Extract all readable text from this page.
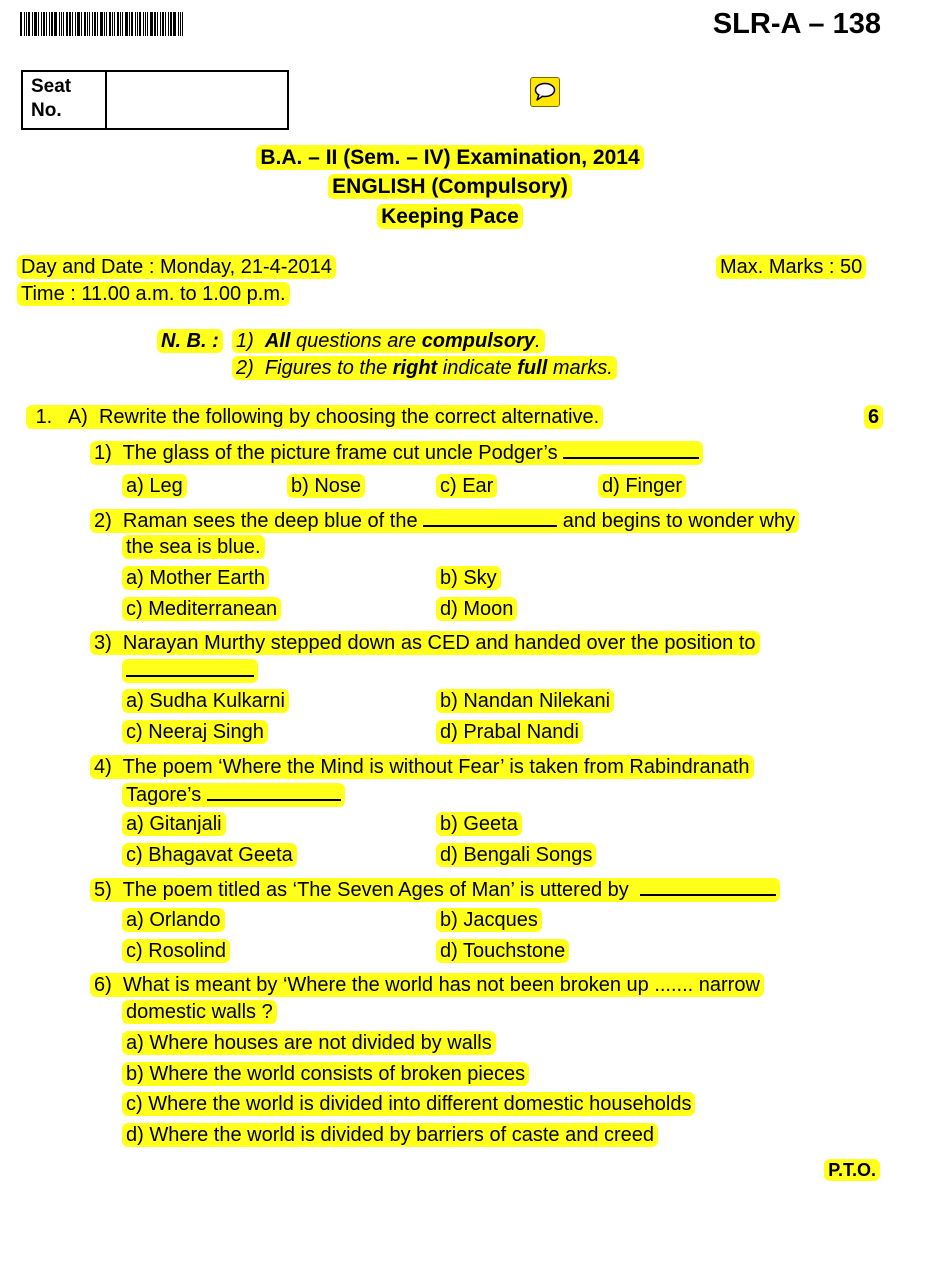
SLR-A – 138
Seat
No.
B.A. – II (Sem. – IV) Examination, 2014
ENGLISH (Compulsory)
Keeping Pace
Day and Date : Monday, 21-4-2014	Max. Marks : 50
Time : 11.00 a.m. to 1.00 p.m.
N. B. : 1) All questions are compulsory.
2) Figures to the right indicate full marks.
1. A) Rewrite the following by choosing the correct alternative.	6
1) The glass of the picture frame cut uncle Podger’s
a) Leg	b) Nose	c) Ear	d) Finger
2) Raman sees the deep blue of the	and begins to wonder why
the sea is blue.
a) Mother Earth	b) Sky
c) Mediterranean	d) Moon
3) Narayan Murthy stepped down as CED and handed over the position to
a) Sudha Kulkarni	b) Nandan Nilekani
c) Neeraj Singh	d) Prabal Nandi
4) The poem ‘Where the Mind is without Fear’ is taken from Rabindranath
Tagore’s
a) Gitanjali	b) Geeta
c) Bhagavat Geeta	d) Bengali Songs
5) The poem titled as ‘The Seven Ages of Man’ is uttered by
a) Orlando	b) Jacques
c) Rosolind	d) Touchstone
6) What is meant by ‘Where the world has not been broken up ....... narrow
domestic walls ?
a) Where houses are not divided by walls
b) Where the world consists of broken pieces
c) Where the world is divided into different domestic households
d) Where the world is divided by barriers of caste and creed
P.T.O.
